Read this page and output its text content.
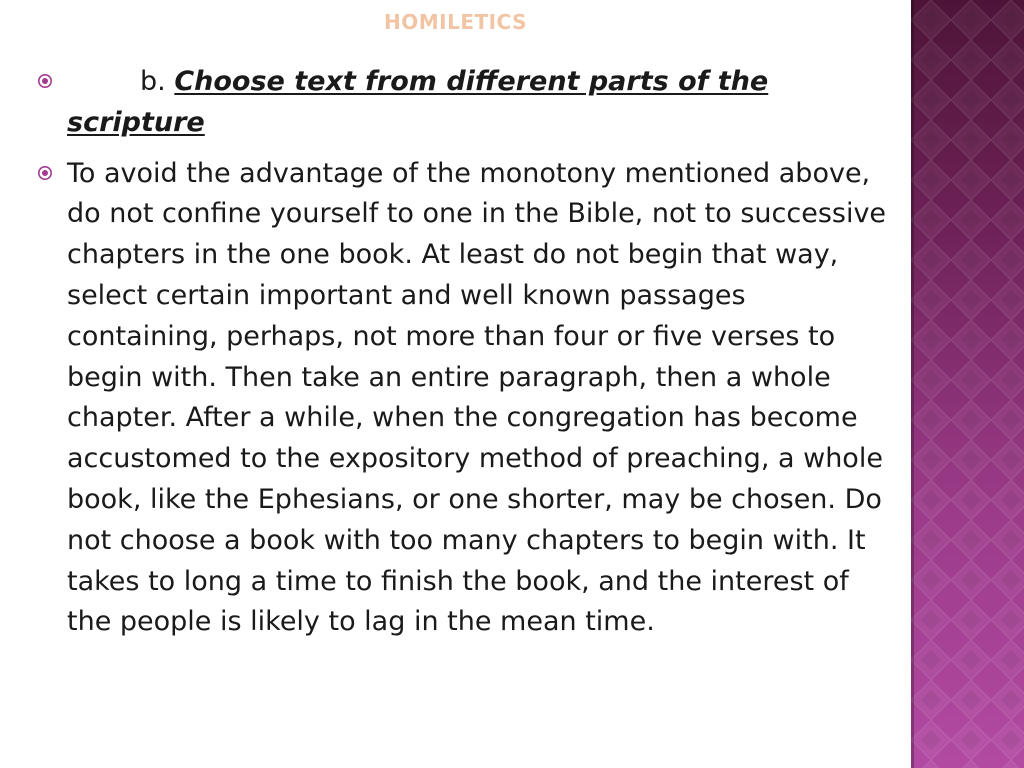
HOMILETICS
b. Choose text from different parts of the scripture
To avoid the advantage of the monotony mentioned above, do not confine yourself to one in the Bible, not to successive chapters in the one book. At least do not begin that way, select certain important and well known passages containing, perhaps, not more than four or five verses to begin with. Then take an entire paragraph, then a whole chapter. After a while, when the congregation has become accustomed to the expository method of preaching, a whole book, like the Ephesians, or one shorter, may be chosen. Do not choose a book with too many chapters to begin with. It takes to long a time to finish the book, and the interest of the people is likely to lag in the mean time.
